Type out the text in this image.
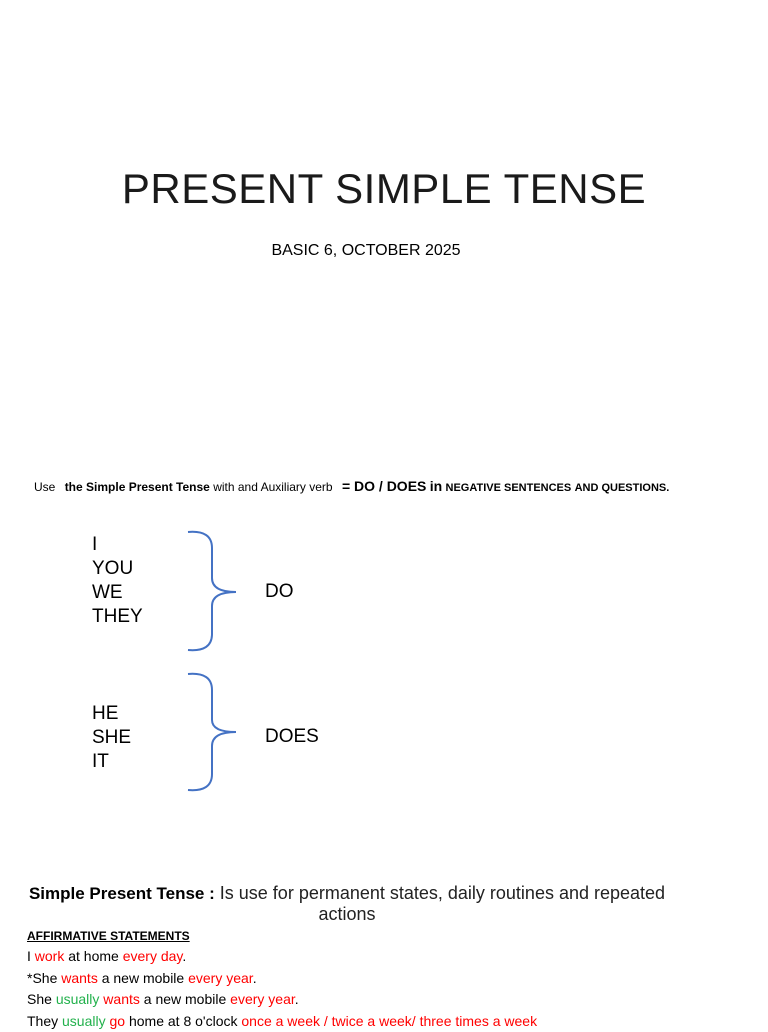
PRESENT SIMPLE TENSE
BASIC 6, OCTOBER 2025
Use the Simple Present Tense with and Auxiliary verb = DO / DOES in NEGATIVE SENTENCES AND QUESTIONS.
I
YOU
WE
THEY
DO
HE
SHE
IT
DOES
Simple Present Tense : Is use for permanent states, daily routines and repeated
actions
AFFIRMATIVE STATEMENTS
I work at home every day.
*She wants a new mobile every year.
She usually wants a new mobile every year.
They usually go home at 8 o'clock once a week / twice a week/ three times a week
